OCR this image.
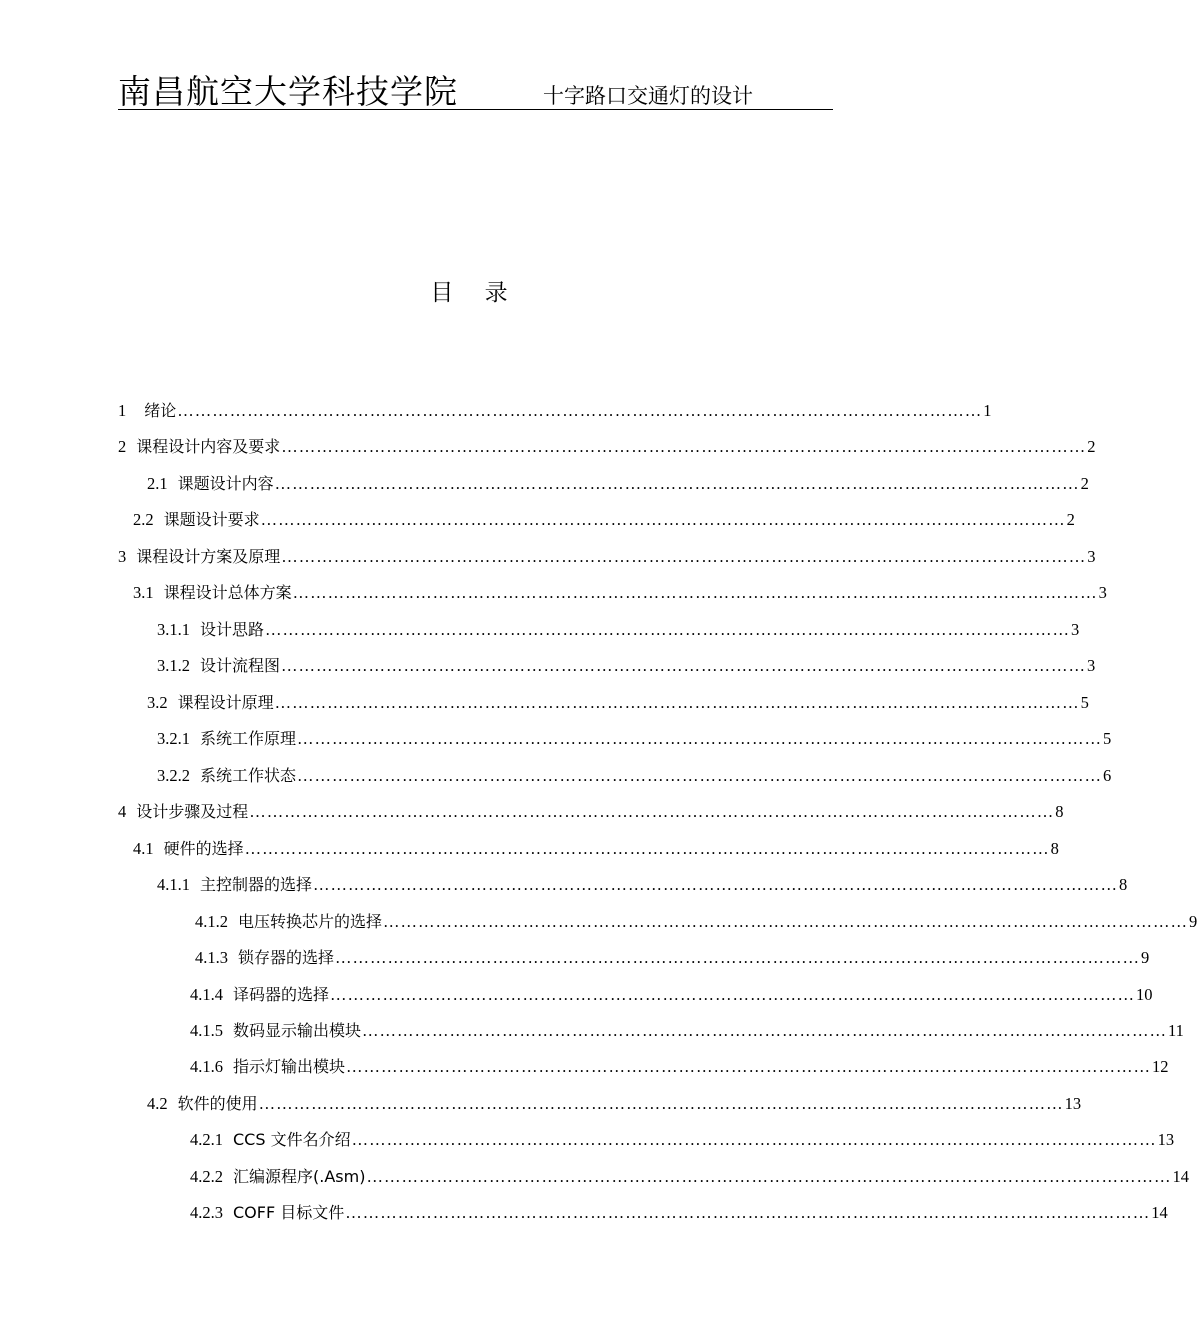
南昌航空大学科技学院	十字路口交通灯的设计
目 录
1 绪论 ………………………………………………………………………………………………………………………… 1
2 课程设计内容及要求 ………………………………………………………………………………………………………………………… 2
2.1 课题设计内容 ………………………………………………………………………………………………………………………… 2
2.2 课题设计要求 ………………………………………………………………………………………………………………………… 2
3 课程设计方案及原理 ………………………………………………………………………………………………………………………… 3
3.1 课程设计总体方案 ………………………………………………………………………………………………………………………… 3
3.1.1 设计思路 ………………………………………………………………………………………………………………………… 3
3.1.2 设计流程图 ………………………………………………………………………………………………………………………… 3
3.2 课程设计原理 ………………………………………………………………………………………………………………………… 5
3.2.1 系统工作原理 ………………………………………………………………………………………………………………………… 5
3.2.2 系统工作状态 ………………………………………………………………………………………………………………………… 6
4 设计步骤及过程 ………………………………………………………………………………………………………………………… 8
4.1 硬件的选择 ………………………………………………………………………………………………………………………… 8
4.1.1 主控制器的选择 ………………………………………………………………………………………………………………………… 8
4.1.2 电压转换芯片的选择 ………………………………………………………………………………………………………………………… 9
4.1.3 锁存器的选择 ………………………………………………………………………………………………………………………… 9
4.1.4 译码器的选择 ………………………………………………………………………………………………………………………… 10
4.1.5 数码显示输出模块 ………………………………………………………………………………………………………………………… 11
4.1.6 指示灯输出模块 ………………………………………………………………………………………………………………………… 12
4.2 软件的使用 ………………………………………………………………………………………………………………………… 13
4.2.1 CCS 文件名介绍 ………………………………………………………………………………………………………………………… 13
4.2.2 汇编源程序(.Asm) ………………………………………………………………………………………………………………………… 14
4.2.3 COFF 目标文件 ………………………………………………………………………………………………………………………… 14
